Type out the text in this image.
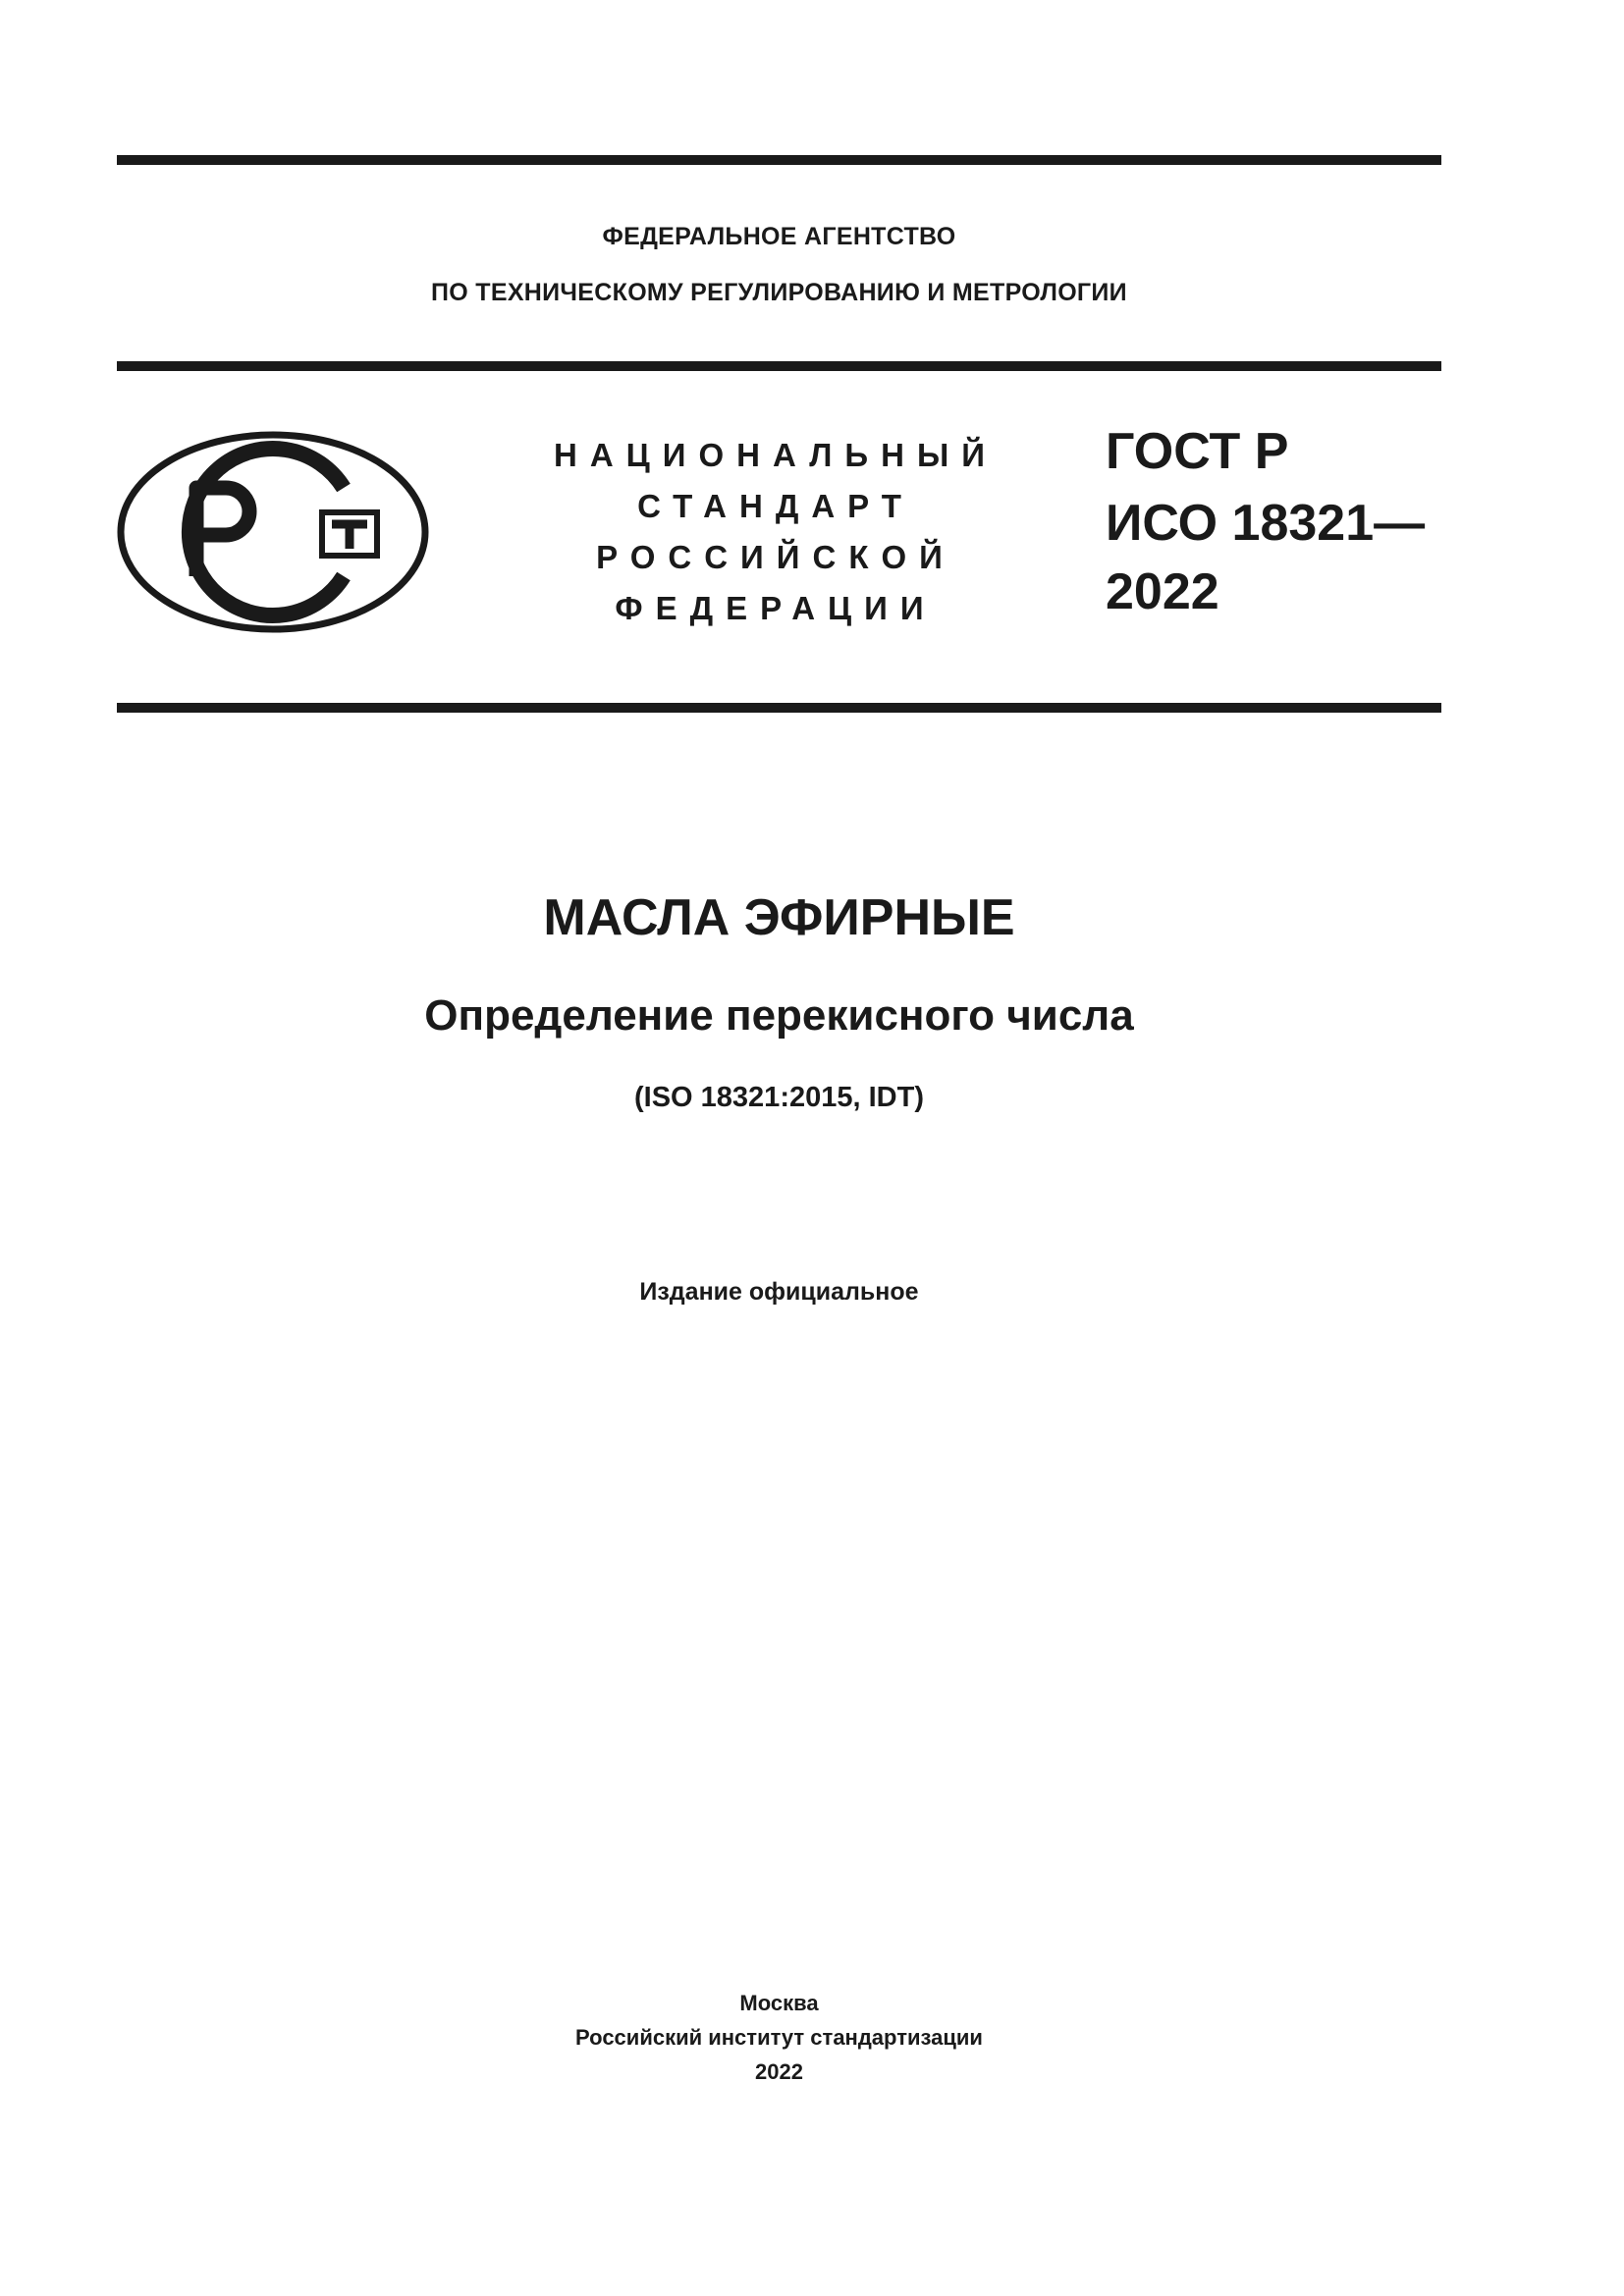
ФЕДЕРАЛЬНОЕ АГЕНТСТВО
ПО ТЕХНИЧЕСКОМУ РЕГУЛИРОВАНИЮ И МЕТРОЛОГИИ
НАЦИОНАЛЬНЫЙ
СТАНДАРТ
РОССИЙСКОЙ
ФЕДЕРАЦИИ
ГОСТ Р
ИСО 18321—
2022
МАСЛА ЭФИРНЫЕ
Определение перекисного числа
(ISO 18321:2015, IDT)
Издание официальное
Москва
Российский институт стандартизации
2022
